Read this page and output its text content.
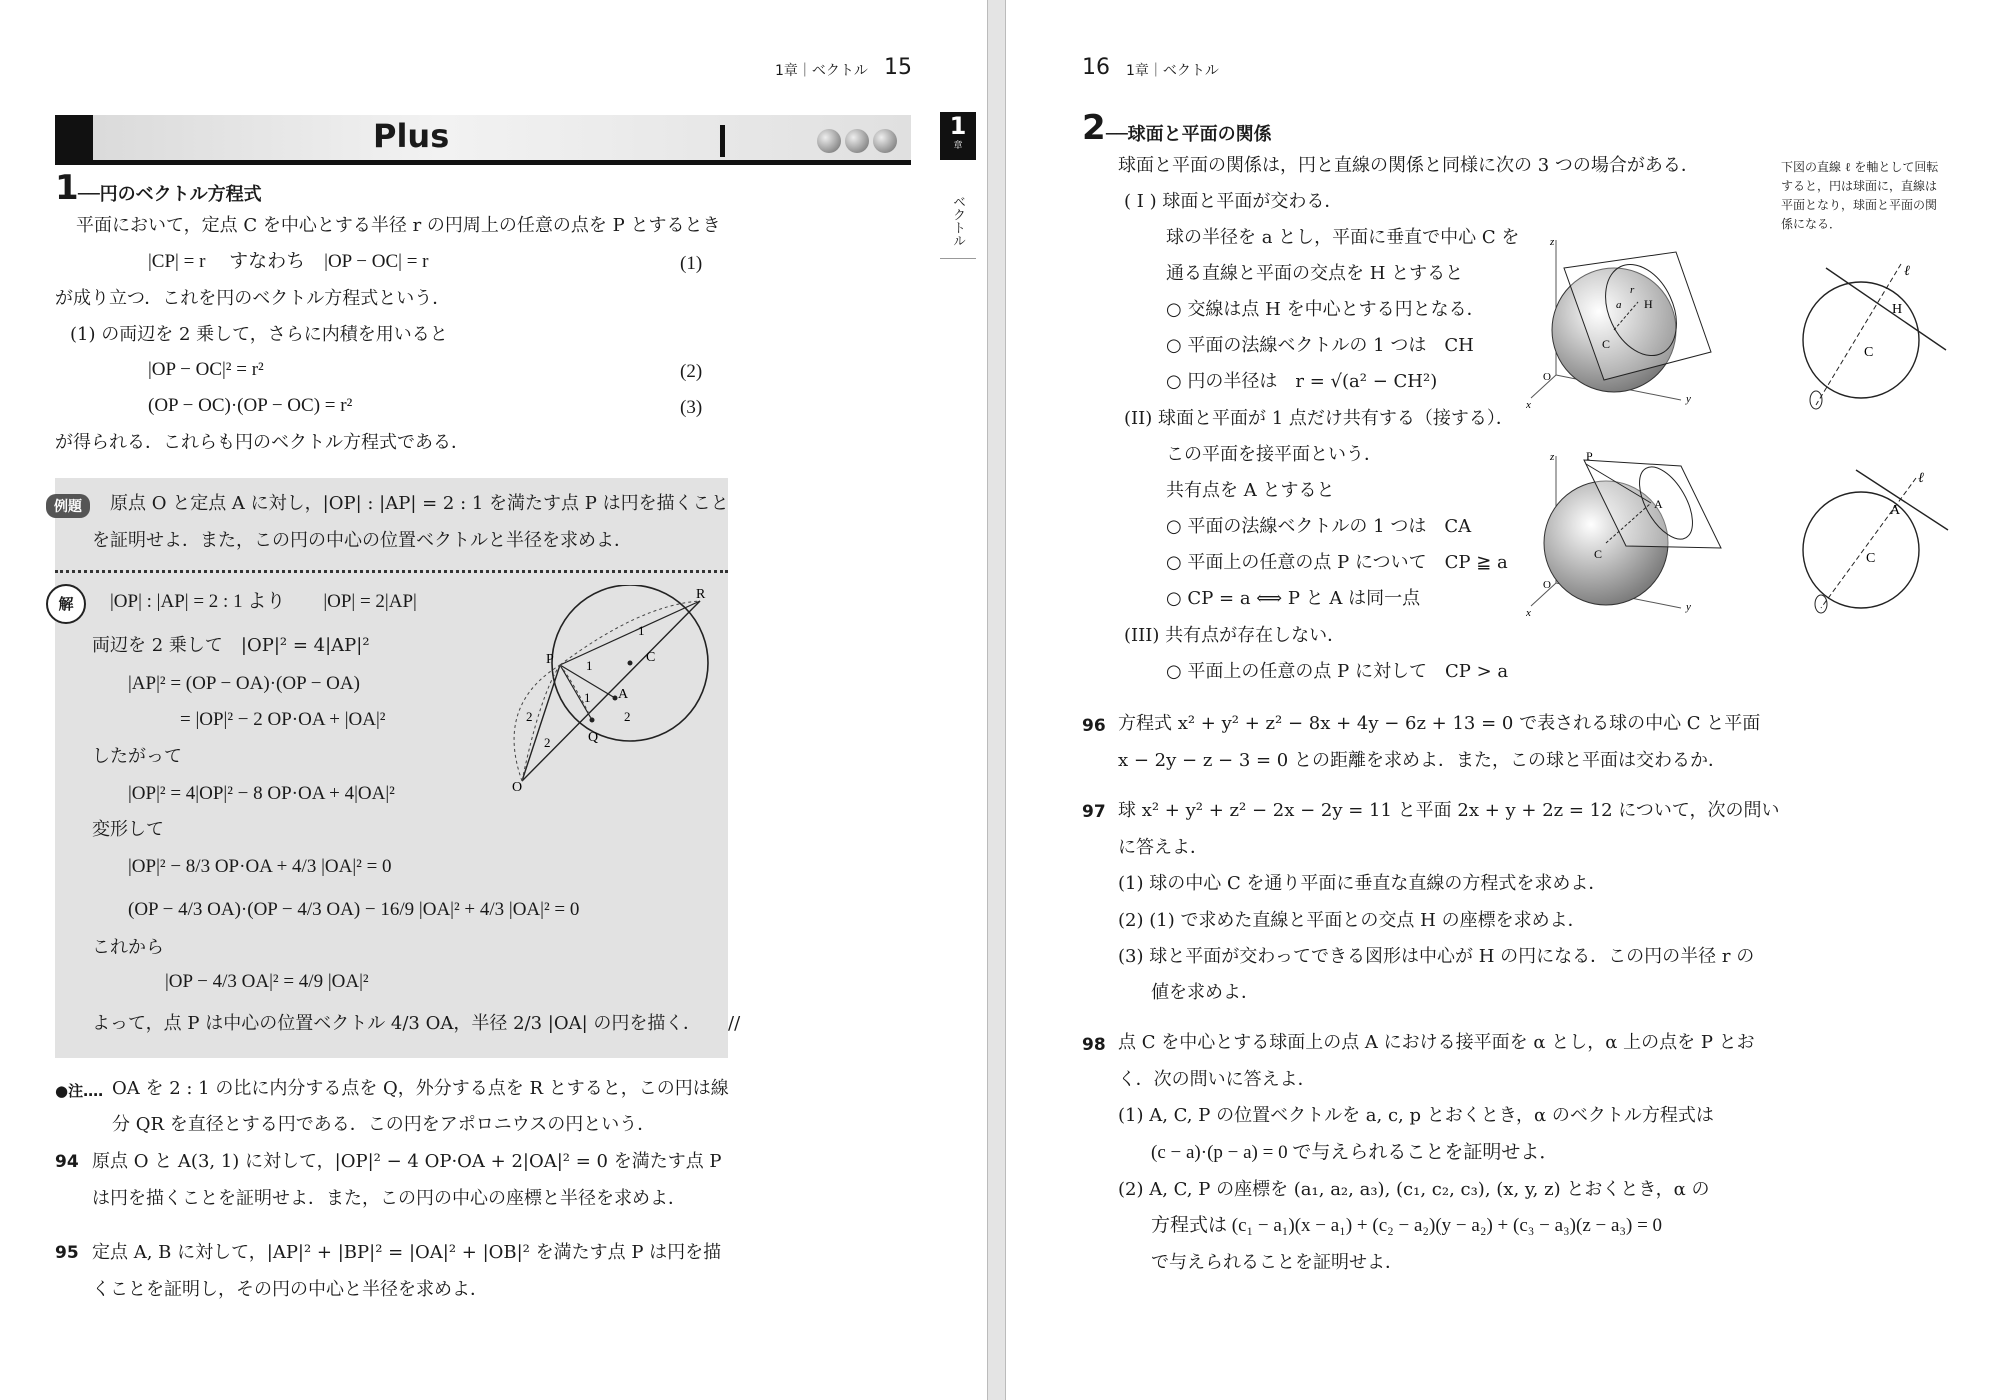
1章｜ベクトル 15
Plus	1
章
ベクトル
1 ──円のベクトル方程式
平面において，定点 C を中心とする半径 r の円周上の任意の点を P とするとき
|CP| = r　 すなわち　|OP − OC| = r	(1)
が成り立つ．これを円のベクトル方程式という．
(1) の両辺を 2 乗して，さらに内積を用いると
|OP − OC|² = r²	(2)
(OP − OC)·(OP − OC) = r²	(3)
が得られる．これらも円のベクトル方程式である．
例題	原点 O と定点 A に対し，|OP| : |AP| = 2 : 1 を満たす点 P は円を描くこと
を証明せよ．また，この円の中心の位置ベクトルと半径を求めよ．
解	|OP| : |AP| = 2 : 1 より　　|OP| = 2|AP|
両辺を 2 乗して　|OP|² = 4|AP|²
|AP|² = (OP − OA)·(OP − OA)
= |OP|² − 2 OP·OA + |OA|²
したがって
|OP|² = 4|OP|² − 8 OP·OA + 4|OA|²
変形して
|OP|² − 8/3 OP·OA + 4/3 |OA|² = 0
(OP − 4/3 OA)·(OP − 4/3 OA) − 16/9 |OA|² + 4/3 |OA|² = 0
これから
|OP − 4/3 OA|² = 4/9 |OA|²
よって，点 P は中心の位置ベクトル 4/3 OA，半径 2/3 |OA| の円を描く．　　//
R
P 1
1
C
1 A
2
2
Q
2
O
●注‥‥ OA を 2 : 1 の比に内分する点を Q，外分する点を R とすると，この円は線
分 QR を直径とする円である．この円をアポロニウスの円という．
94 原点 O と A(3, 1) に対して，|OP|² − 4 OP·OA + 2|OA|² = 0 を満たす点 P
は円を描くことを証明せよ．また，この円の中心の座標と半径を求めよ．
95 定点 A, B に対して，|AP|² + |BP|² = |OA|² + |OB|² を満たす点 P は円を描
くことを証明し，その円の中心と半径を求めよ．
16 1章｜ベクトル
2 ──球面と平面の関係
球面と平面の関係は，円と直線の関係と同様に次の 3 つの場合がある．	下図の直線 ℓ を軸として回転すると，円は球面に，直線は平面となり，球面と平面の関係になる．
( I ) 球面と平面が交わる．
球の半径を a とし，平面に垂直で中心 C を
通る直線と平面の交点を H とすると
○ 交線は点 H を中心とする円となる．
○ 平面の法線ベクトルの 1 つは　CH
○ 円の半径は　r = √(a² − CH²)
(II) 球面と平面が 1 点だけ共有する（接する）．
この平面を接平面という．
共有点を A とすると
○ 平面の法線ベクトルの 1 つは　CA
○ 平面上の任意の点 P について　CP ≧ a
○ CP = a ⟺ P と A は同一点
(III) 共有点が存在しない．
○ 平面上の任意の点 P に対して　CP > a
z
r
a H
C
O
y
x
ℓ
H
C
z	P
A
C
O
y
x
ℓ
A
C
96 方程式 x² + y² + z² − 8x + 4y − 6z + 13 = 0 で表される球の中心 C と平面
x − 2y − z − 3 = 0 との距離を求めよ．また，この球と平面は交わるか．
97 球 x² + y² + z² − 2x − 2y = 11 と平面 2x + y + 2z = 12 について，次の問い
に答えよ．
(1) 球の中心 C を通り平面に垂直な直線の方程式を求めよ．
(2) (1) で求めた直線と平面との交点 H の座標を求めよ．
(3) 球と平面が交わってできる図形は中心が H の円になる．この円の半径 r の
値を求めよ．
98 点 C を中心とする球面上の点 A における接平面を α とし，α 上の点を P とお
く．次の問いに答えよ．
(1) A, C, P の位置ベクトルを a, c, p とおくとき，α のベクトル方程式は
(c − a)·(p − a) = 0 で与えられることを証明せよ．
(2) A, C, P の座標を (a₁, a₂, a₃), (c₁, c₂, c₃), (x, y, z) とおくとき，α の
方程式は (c₁ − a₁)(x − a₁) + (c₂ − a₂)(y − a₂) + (c₃ − a₃)(z − a₃) = 0
で与えられることを証明せよ．
